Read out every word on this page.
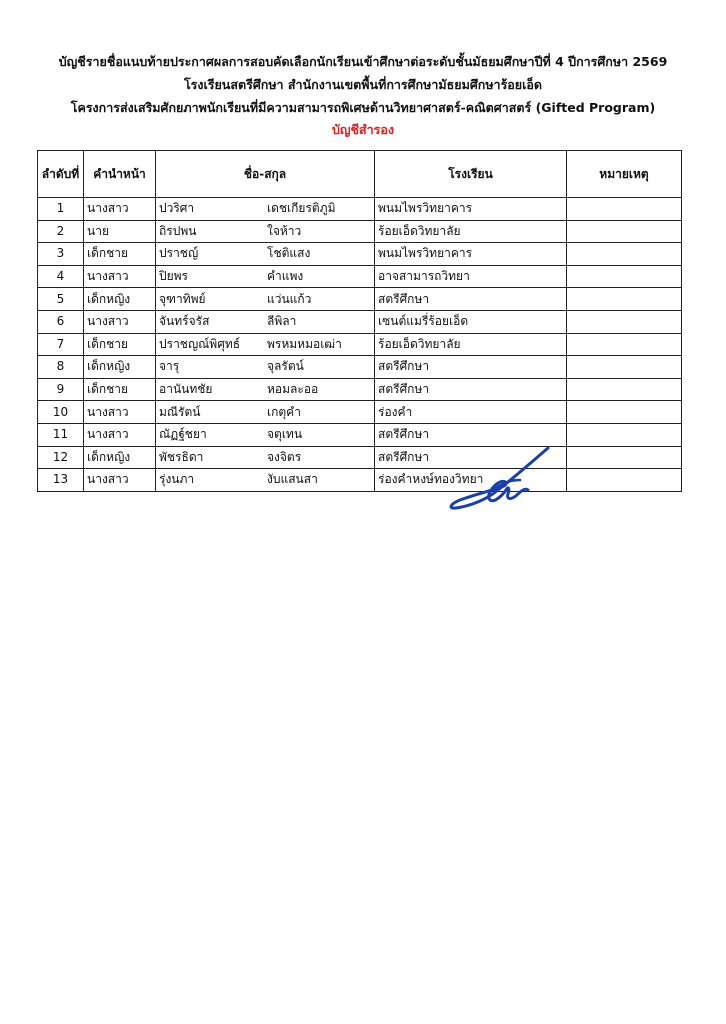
บัญชีรายชื่อแนบท้ายประกาศผลการสอบคัดเลือกนักเรียนเข้าศึกษาต่อระดับชั้นมัธยมศึกษาปีที่ 4 ปีการศึกษา 2569
โรงเรียนสตรีศึกษา สำนักงานเขตพื้นที่การศึกษามัธยมศึกษาร้อยเอ็ด
โครงการส่งเสริมศักยภาพนักเรียนที่มีความสามารถพิเศษด้านวิทยาศาสตร์-คณิตศาสตร์ (Gifted Program)
บัญชีสำรอง
ลำดับที่	คำนำหน้า	ชื่อ-สกุล	โรงเรียน	หมายเหตุ
1	นางสาว	ปวริศา เดชเกียรติภูมิ	พนมไพรวิทยาคาร	
2	นาย	ถิรปพน ใจห้าว	ร้อยเอ็ดวิทยาลัย	
3	เด็กชาย	ปราชญ์ โชติแสง	พนมไพรวิทยาคาร	
4	นางสาว	ปิยพร คำแพง	อาจสามารถวิทยา	
5	เด็กหญิง	จุฑาทิพย์ แว่นแก้ว	สตรีศึกษา	
6	นางสาว	จันทร์จรัส ลีพิลา	เซนต์แมรี่ร้อยเอ็ด	
7	เด็กชาย	ปราชญณ์พิศุทธ์ พรหมหมอเฒ่า	ร้อยเอ็ดวิทยาลัย	
8	เด็กหญิง	จารุ จุลรัตน์	สตรีศึกษา	
9	เด็กชาย	อานันทชัย หอมละออ	สตรีศึกษา	
10	นางสาว	มณีรัตน์ เกตุคำ	ร่องคำ	
11	นางสาว	ณัฏฐ์ชยา จตุเทน	สตรีศึกษา	
12	เด็กหญิง	พัชรธิดา จงจิตร	สตรีศึกษา	
13	นางสาว	รุ่งนภา งับแสนสา	ร่องคำหงษ์ทองวิทยา	
